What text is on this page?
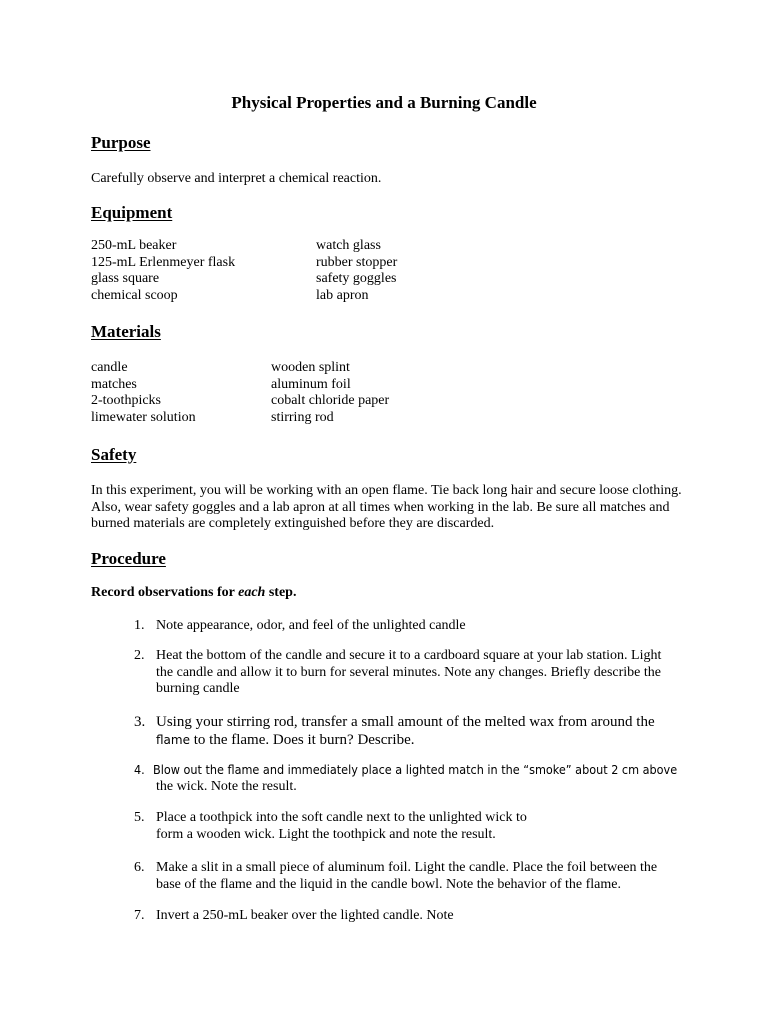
Physical Properties and a Burning Candle
Purpose
Carefully observe and interpret a chemical reaction.
Equipment
250-mL beaker
125-mL Erlenmeyer flask
glass square
chemical scoop
watch glass
rubber stopper
safety goggles
lab apron
Materials
candle
matches
2-toothpicks
limewater solution
wooden splint
aluminum foil
cobalt chloride paper
stirring rod
Safety
In this experiment, you will be working with an open flame. Tie back long hair and secure loose clothing.
Also, wear safety goggles and a lab apron at all times when working in the lab. Be sure all matches and
burned materials are completely extinguished before they are discarded.
Procedure
Record observations for each step.
1. Note appearance, odor, and feel of the unlighted candle
2. Heat the bottom of the candle and secure it to a cardboard square at your lab station. Light
the candle and allow it to burn for several minutes. Note any changes. Briefly describe the
burning candle
3. Using your stirring rod, transfer a small amount of the melted wax from around the
flame to the flame. Does it burn? Describe.
4. Blow out the flame and immediately place a lighted match in the “smoke” about 2 cm above
the wick. Note the result.
5. Place a toothpick into the soft candle next to the unlighted wick to
form a wooden wick. Light the toothpick and note the result.
6. Make a slit in a small piece of aluminum foil. Light the candle. Place the foil between the
base of the flame and the liquid in the candle bowl. Note the behavior of the flame.
7. Invert a 250-mL beaker over the lighted candle. Note
